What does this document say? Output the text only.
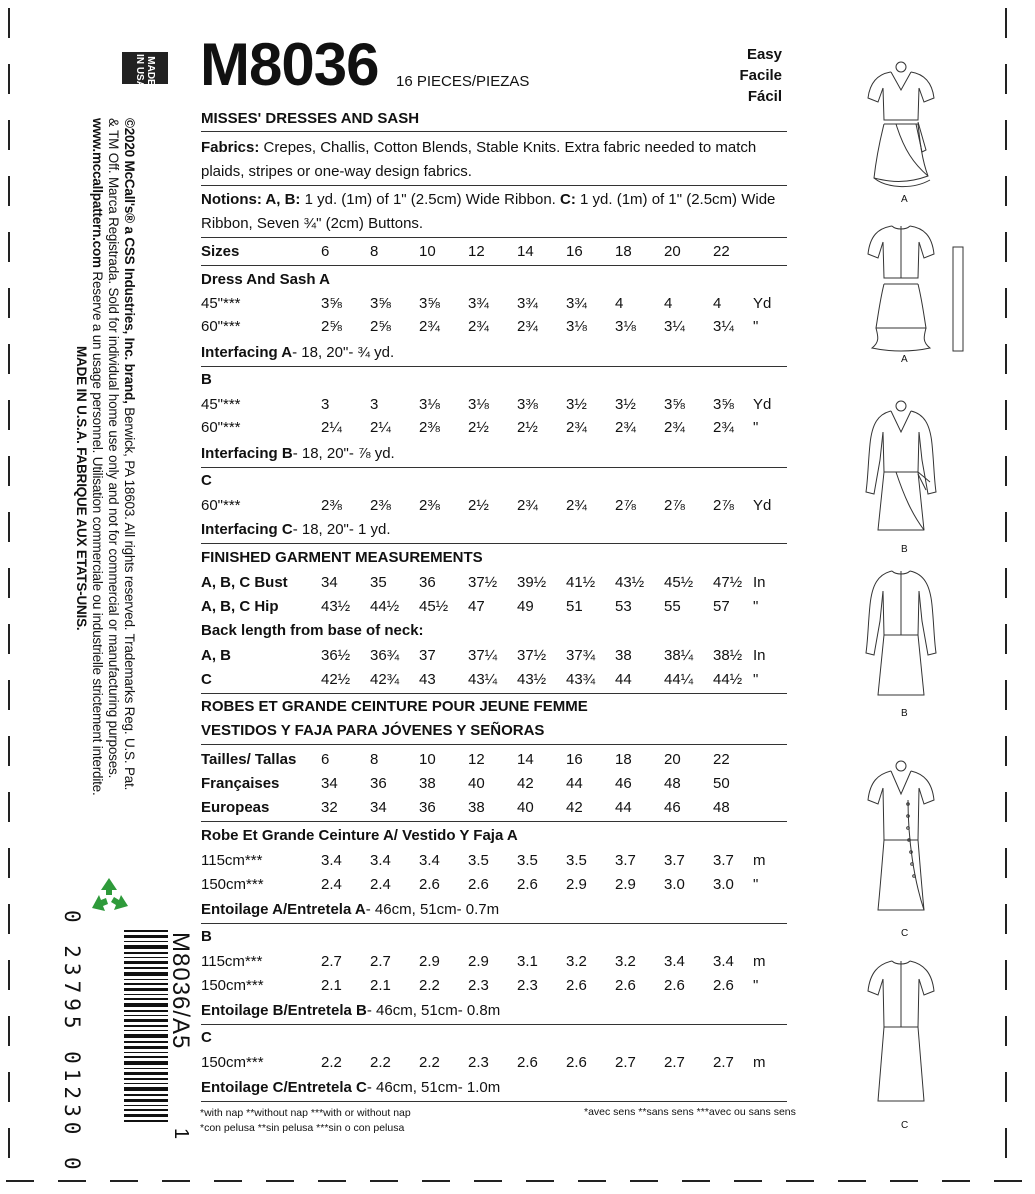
MADE IN USA
©2020 McCall's® a CSS Industries, Inc. brand, Berwick, PA 18603. All rights reserved. Trademarks Reg. U.S. Pat.
& TM Off. Marca Registrada. Sold for individual home use only and not for commercial or manufacturing purposes.
www.mccallpattern.com Reserve a un usage personnel. Utilisation commerciale ou industrielle strictement interdite.
MADE IN U.S.A. FABRIQUE AUX ETATS-UNIS.
0 23795 01230 0	M8036/A5
1
M8036 16 PIECES/PIEZAS
Easy
Facile
Fácil
MISSES' DRESSES AND SASH
Fabrics: Crepes, Challis, Cotton Blends, Stable Knits. Extra fabric needed to match plaids, stripes or one-way design fabrics.
Notions: A, B: 1 yd. (1m) of 1" (2.5cm) Wide Ribbon. C: 1 yd. (1m) of 1" (2.5cm) Wide Ribbon, Seven ¾" (2cm) Buttons.
Sizes	6	8	10 12 14 16 18 20 22
Dress And Sash A
45"***	3⅝ 3⅝ 3⅝ 3¾ 3¾ 3¾ 4	4	4 Yd
60"***	2⅝ 2⅝ 2¾ 2¾ 2¾ 3⅛ 3⅛ 3¼ 3¼ "
Interfacing A- 18, 20"- ¾ yd.
B
45"***	3	3	3⅛ 3⅛ 3⅜ 3½ 3½ 3⅝ 3⅝ Yd
60"***	2¼ 2¼ 2⅜ 2½ 2½ 2¾ 2¾ 2¾ 2¾ "
Interfacing B- 18, 20"- ⅞ yd.
C
60"***	2⅜ 2⅜ 2⅜ 2½ 2¾ 2¾ 2⅞ 2⅞ 2⅞ Yd
Interfacing C- 18, 20"- 1 yd.
FINISHED GARMENT MEASUREMENTS
A, B, C Bust 34 35 36 37½ 39½ 41½ 43½ 45½ 47½ In
A, B, C Hip	43½ 44½ 45½ 47 49 51 53 55 57 "
Back length from base of neck:
A, B	36½ 36¾ 37 37¼ 37½ 37¾ 38 38¼ 38½ In
C	42½ 42¾ 43 43¼ 43½ 43¾ 44 44¼ 44½ "
ROBES ET GRANDE CEINTURE POUR JEUNE FEMME
VESTIDOS Y FAJA PARA JÓVENES Y SEÑORAS
Tailles/ Tallas 6	8	10 12 14 16 18 20 22
Françaises	34 36 38 40 42 44 46 48 50
Europeas	32 34 36 38 40 42 44 46 48
Robe Et Grande Ceinture A/ Vestido Y Faja A
115cm***	3.4 3.4 3.4 3.5 3.5 3.5 3.7 3.7 3.7 m
150cm***	2.4 2.4 2.6 2.6 2.6 2.9 2.9 3.0 3.0 "
Entoilage A/Entretela A- 46cm, 51cm- 0.7m
B
115cm***	2.7 2.7 2.9 2.9 3.1 3.2 3.2 3.4 3.4 m
150cm***	2.1 2.1 2.2 2.3 2.3 2.6 2.6 2.6 2.6 "
Entoilage B/Entretela B- 46cm, 51cm- 0.8m
C
150cm***	2.2 2.2 2.2 2.3 2.6 2.6 2.7 2.7 2.7 m
Entoilage C/Entretela C- 46cm, 51cm- 1.0m
*with nap **without nap ***with or without nap
*con pelusa **sin pelusa ***sin o con pelusa
*avec sens **sans sens ***avec ou sans sens
A
A
B
B
C
C
